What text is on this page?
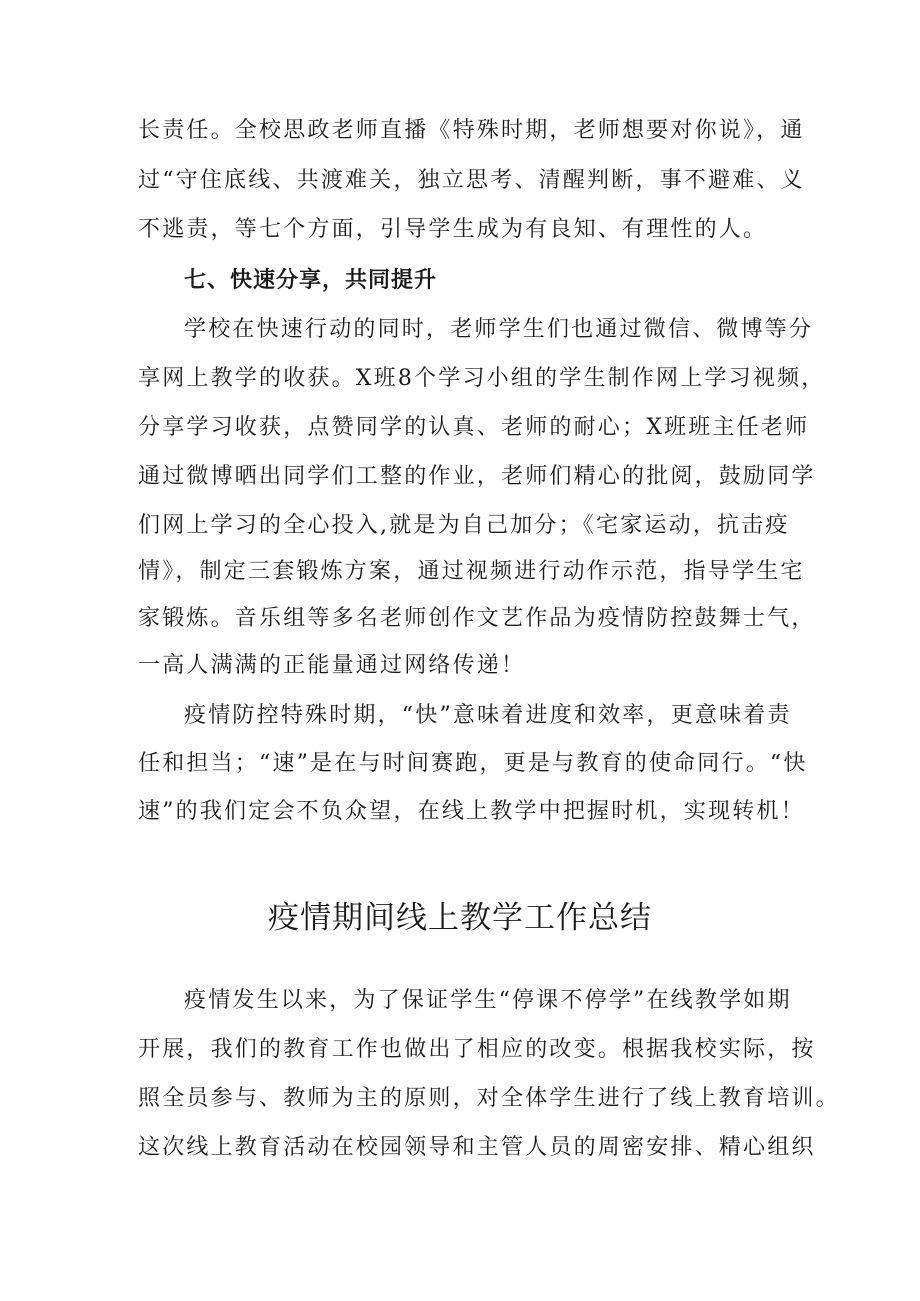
长责任。全校思政老师直播《特殊时期，老师想要对你说》，通
过“守住底线、共渡难关，独立思考、清醒判断，事不避难、义
不逃责，等七个方面，引导学生成为有良知、有理性的人。
七、快速分享，共同提升
学校在快速行动的同时，老师学生们也通过微信、微博等分
享网上教学的收获。X班8个学习小组的学生制作网上学习视频，
分享学习收获，点赞同学的认真、老师的耐心；X班班主任老师
通过微博晒出同学们工整的作业，老师们精心的批阅，鼓励同学
们网上学习的全心投入,就是为自己加分；《宅家运动，抗击疫
情》，制定三套锻炼方案，通过视频进行动作示范，指导学生宅
家锻炼。音乐组等多名老师创作文艺作品为疫情防控鼓舞士气，
一高人满满的正能量通过网络传递！
疫情防控特殊时期，“快”意味着进度和效率，更意味着责
任和担当；“速”是在与时间赛跑，更是与教育的使命同行。“快
速”的我们定会不负众望，在线上教学中把握时机，实现转机！
疫情期间线上教学工作总结
疫情发生以来，为了保证学生“停课不停学”在线教学如期
开展，我们的教育工作也做出了相应的改变。根据我校实际，按
照全员参与、教师为主的原则，对全体学生进行了线上教育培训。
这次线上教育活动在校园领导和主管人员的周密安排、精心组织
